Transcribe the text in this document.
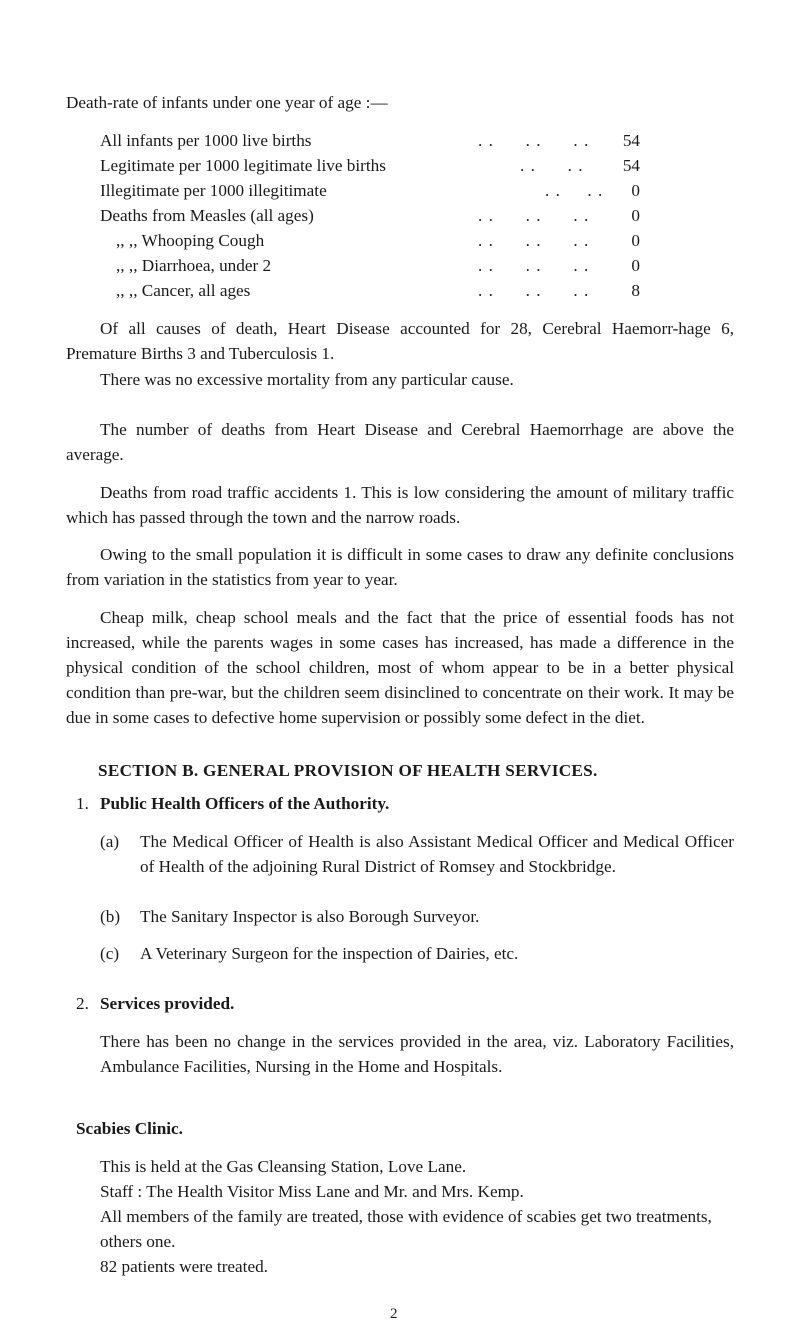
Death-rate of infants under one year of age :—
All infants per 1000 live births	. .      . .      . .	54
Legitimate per 1000 legitimate live births	. .      . .	54
Illegitimate per 1000 illegitimate	. .     . .	0
Deaths from Measles (all ages)	. .      . .      . .	0
,, ,, Whooping Cough	. .      . .      . .	0
,, ,, Diarrhoea, under 2	. .      . .      . .	0
,, ,, Cancer, all ages	. .      . .      . .	8

Of all causes of death, Heart Disease accounted for 28, Cerebral Haemorr-hage 6, Premature Births 3 and Tuberculosis 1.

There was no excessive mortality from any particular cause.

The number of deaths from Heart Disease and Cerebral Haemorrhage are above the average.

Deaths from road traffic accidents 1. This is low considering the amount of military traffic which has passed through the town and the narrow roads.

Owing to the small population it is difficult in some cases to draw any definite conclusions from variation in the statistics from year to year.

Cheap milk, cheap school meals and the fact that the price of essential foods has not increased, while the parents wages in some cases has increased, has made a difference in the physical condition of the school children, most of whom appear to be in a better physical condition than pre-war, but the children seem disinclined to concentrate on their work. It may be due in some cases to defective home supervision or possibly some defect in the diet.

SECTION B. GENERAL PROVISION OF HEALTH SERVICES.
1. Public Health Officers of the Authority.
(a) The Medical Officer of Health is also Assistant Medical Officer and Medical Officer of Health of the adjoining Rural District of Romsey and Stockbridge.

(b) The Sanitary Inspector is also Borough Surveyor.

(c) A Veterinary Surgeon for the inspection of Dairies, etc.

2. Services provided.

There has been no change in the services provided in the area, viz. Laboratory Facilities, Ambulance Facilities, Nursing in the Home and Hospitals.

Scabies Clinic.

This is held at the Gas Cleansing Station, Love Lane.

Staff : The Health Visitor Miss Lane and Mr. and Mrs. Kemp.

All members of the family are treated, those with evidence of scabies get two treatments, others one.

82 patients were treated.

2
